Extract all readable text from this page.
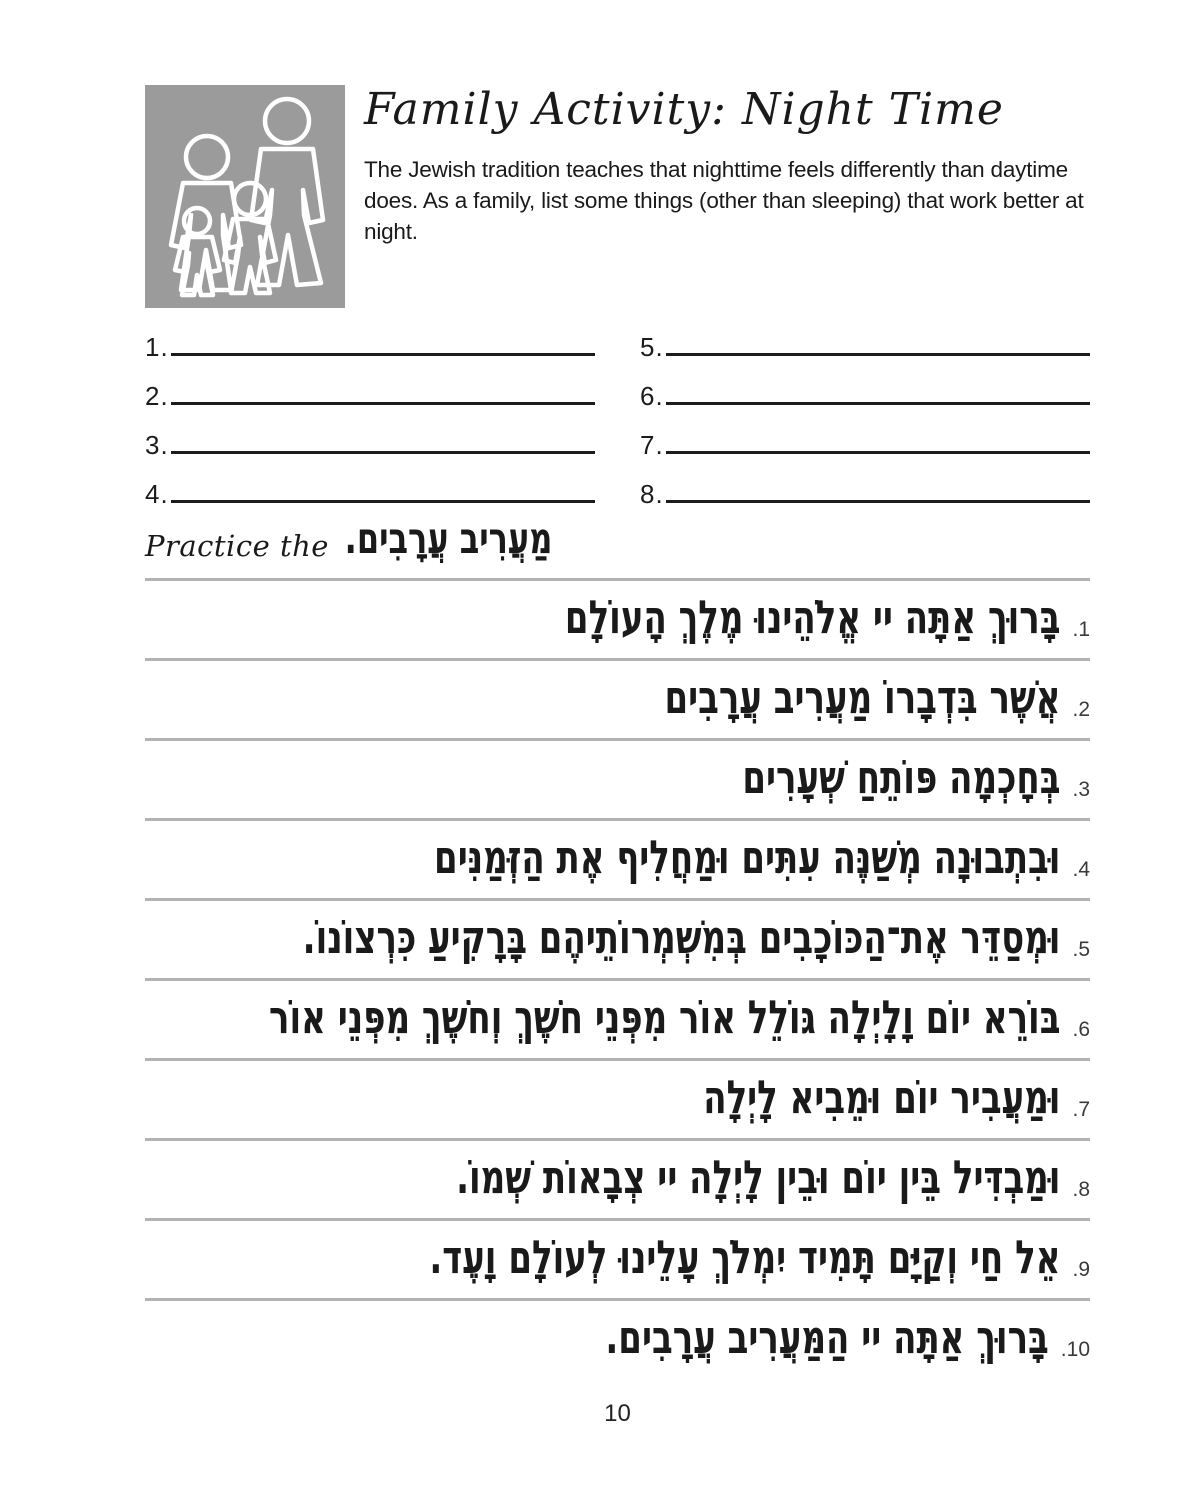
Family Activity: Night Time
The Jewish tradition teaches that nighttime feels differently than daytime does. As a family, list some things (other than sleeping) that work better at night.
1.
2.
3.
4.
5.
6.
7.
8.
Practice the מַעֲרִיב עֲרָבִים.
1.
בָּרוּךְ אַתָּה יי אֱלֹהֵינוּ מֶלֶךְ הָעוֹלָם
2.
אֲשֶׁר בִּדְבָרוֹ מַעֲרִיב עֲרָבִים
3.
בְּחָכְמָה פּוֹתֵחַ שְׁעָרִים
4.
וּבִתְבוּנָה מְשַׁנֶּה עִתִּים וּמַחֲלִיף אֶת הַזְּמַנִּים
5.
וּמְסַדֵּר אֶת־הַכּוֹכָבִים בְּמִשְׁמְרוֹתֵיהֶם בָּרָקִיעַ כִּרְצוֹנוֹ.
6.
בּוֹרֵא יוֹם וָלָיְלָה גּוֹלֵל אוֹר מִפְּנֵי חֹשֶׁךְ וְחֹשֶׁךְ מִפְּנֵי אוֹר
7.
וּמַעֲבִיר יוֹם וּמֵבִיא לָיְלָה
8.
וּמַבְדִּיל בֵּין יוֹם וּבֵין לָיְלָה יי צְבָאוֹת שְׁמוֹ.
9.
אֵל חַי וְקַיָּם תָּמִיד יִמְלֹךְ עָלֵינוּ לְעוֹלָם וָעֶד.
10.
בָּרוּךְ אַתָּה יי הַמַּעֲרִיב עֲרָבִים.
10
